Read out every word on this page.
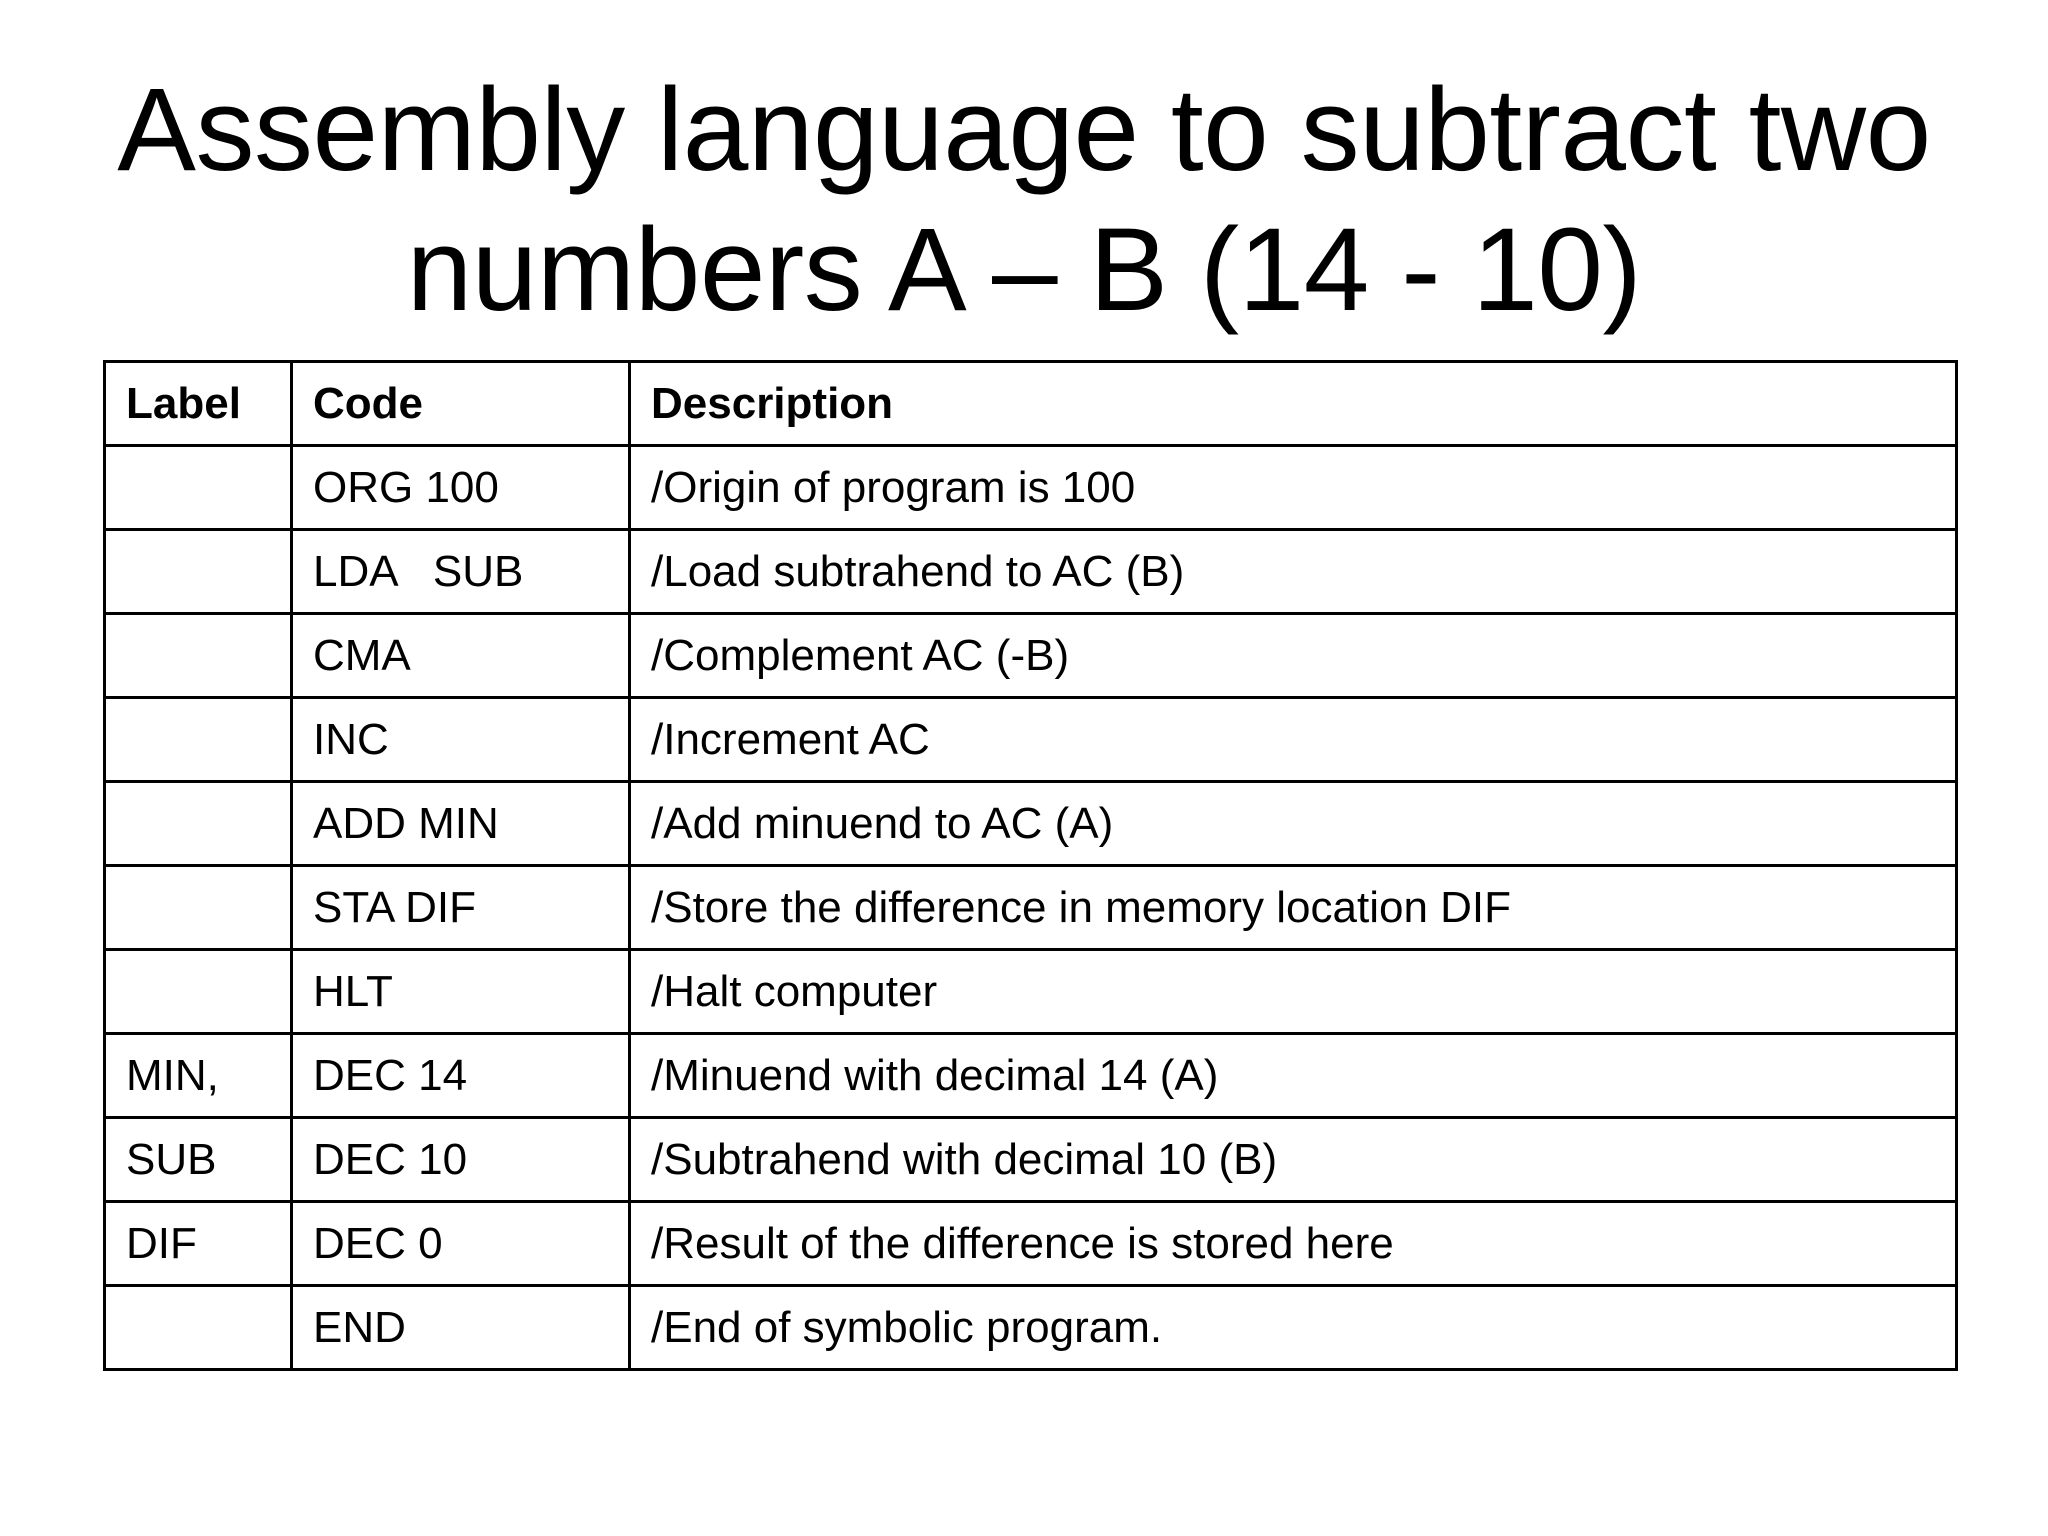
Assembly language to subtract two
numbers A – B (14 - 10)
Label	Code	Description
	ORG 100	/Origin of program is 100
	LDA   SUB	/Load subtrahend to AC (B)
	CMA	/Complement AC (-B)
	INC	/Increment AC
	ADD MIN	/Add minuend to AC (A)
	STA DIF	/Store the difference in memory location DIF
	HLT	/Halt computer
MIN,	DEC 14	/Minuend with decimal 14 (A)
SUB	DEC 10	/Subtrahend with decimal 10 (B)
DIF	DEC 0	/Result of the difference is stored here
	END	/End of symbolic program.
